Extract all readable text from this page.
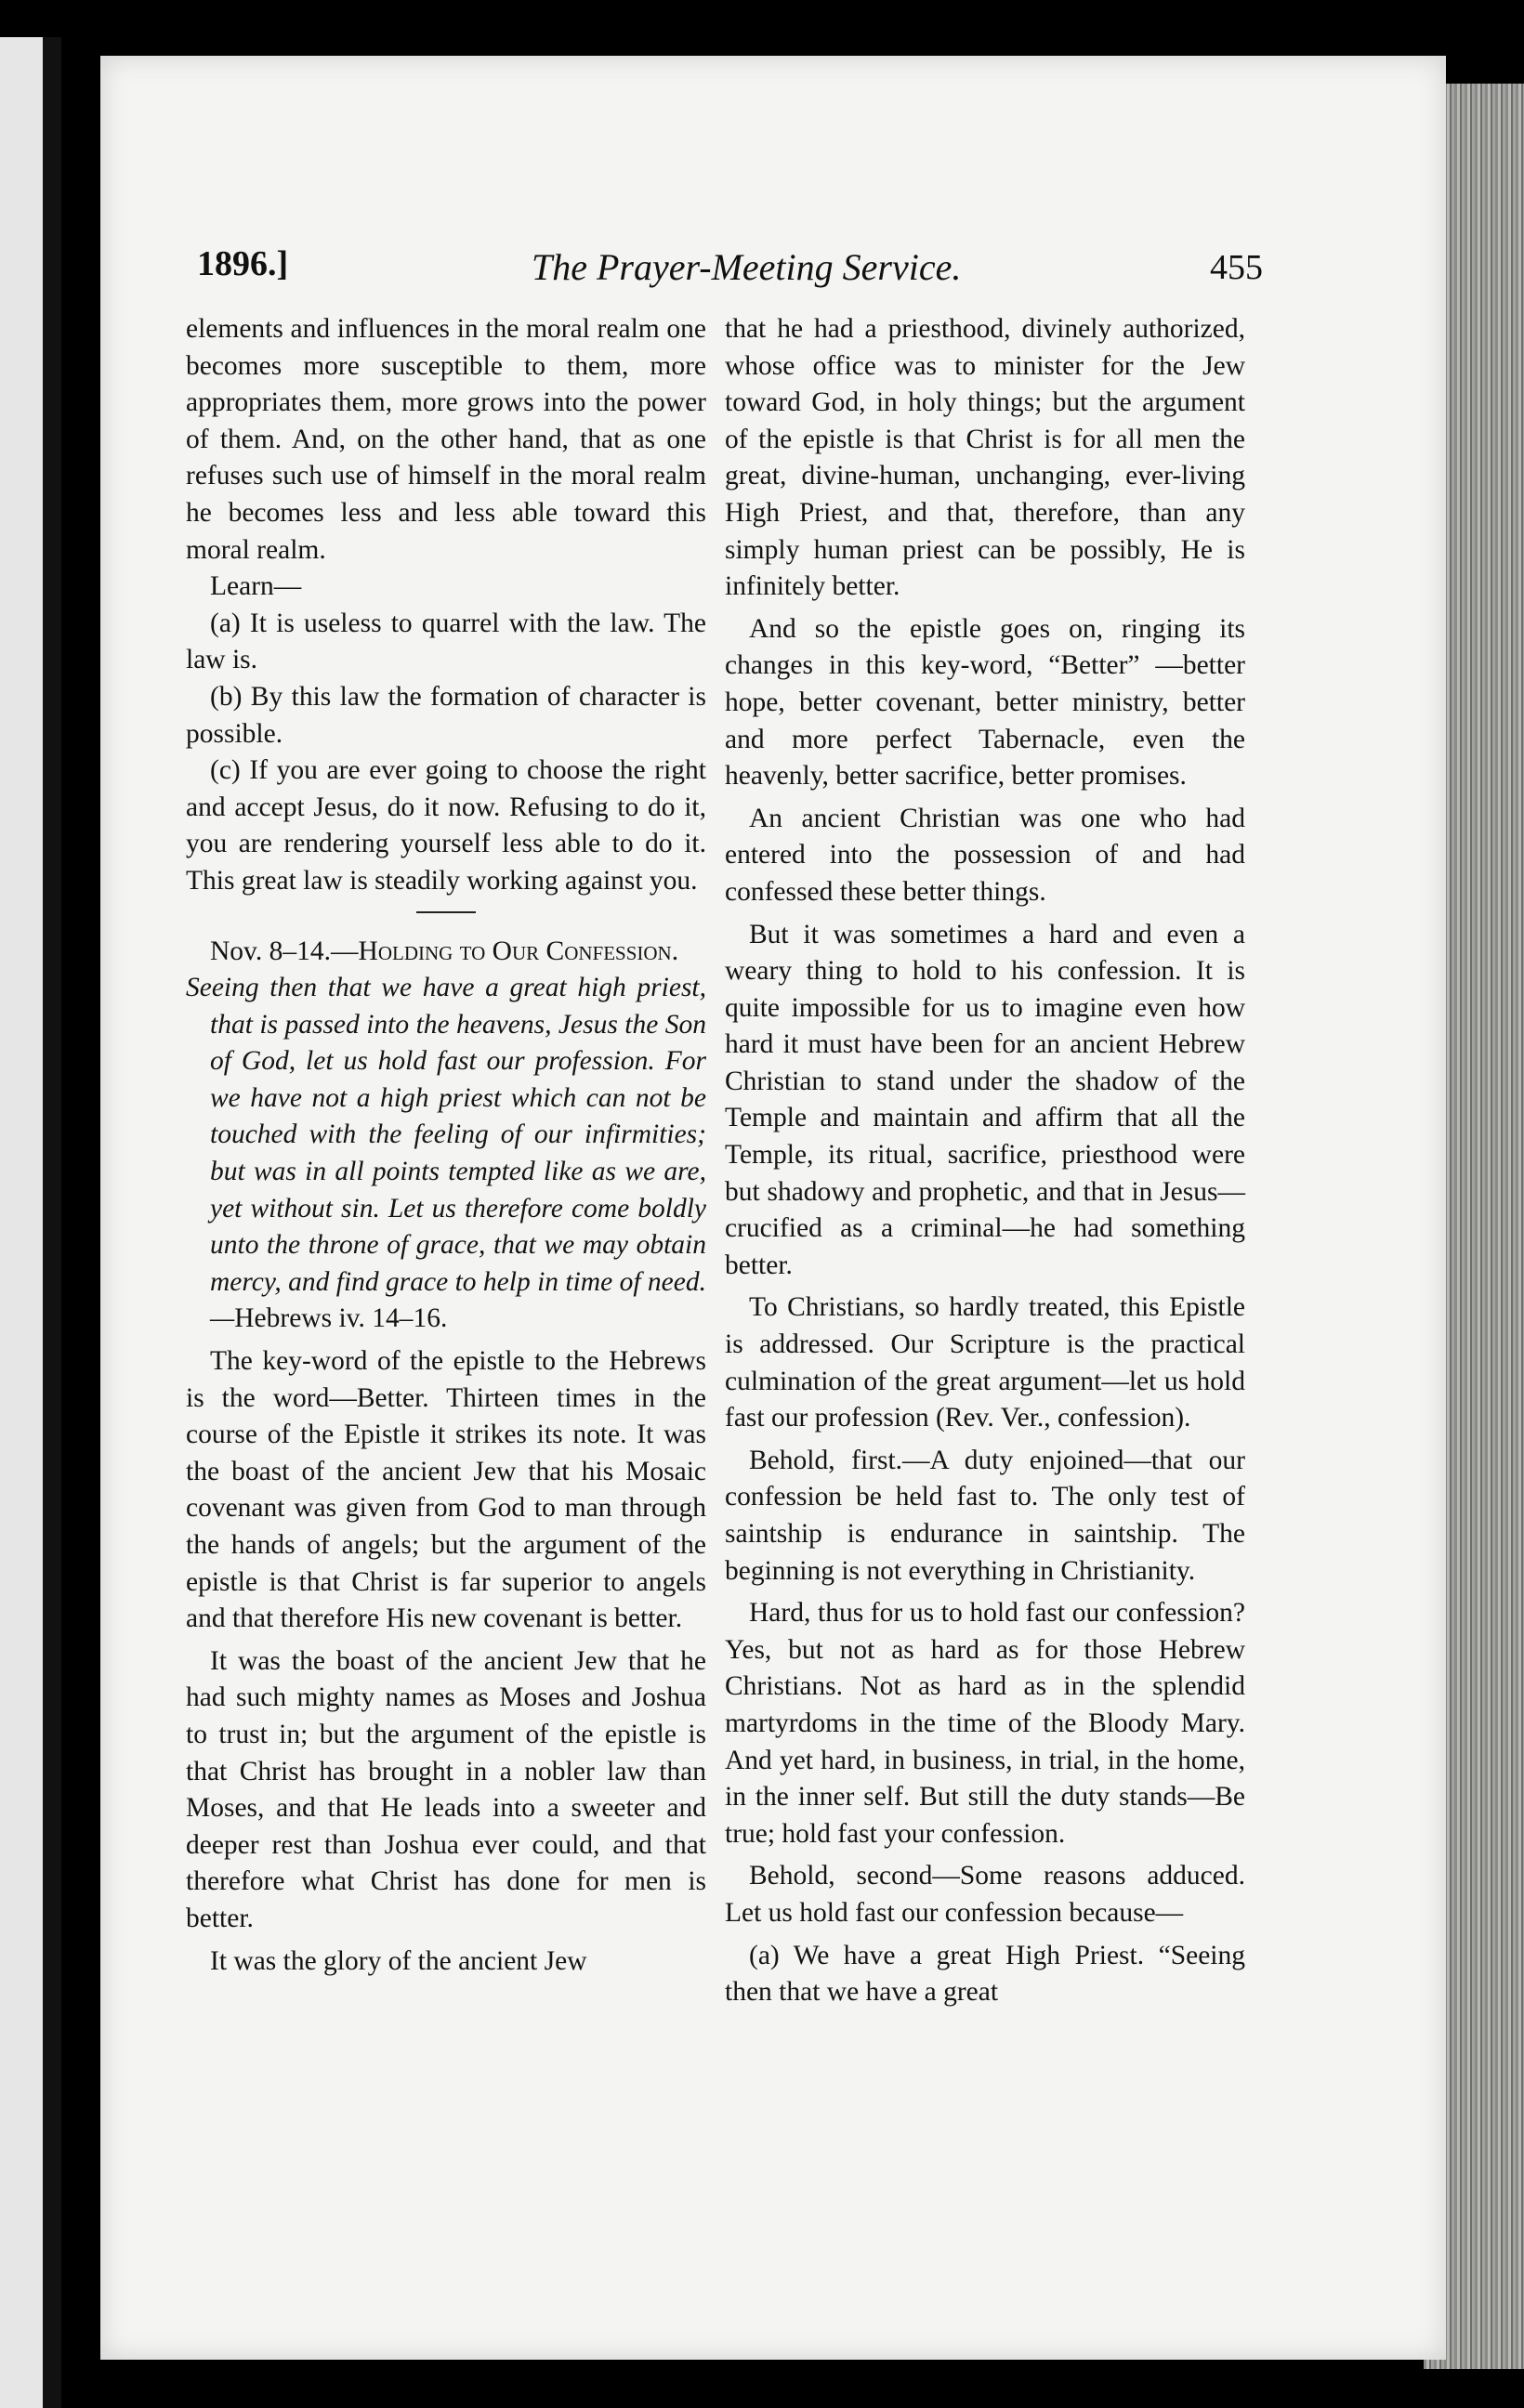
1896.]	The Prayer-Meeting Service.	455

elements and influences in the moral realm one becomes more susceptible to them, more appropriates them, more grows into the power of them. And, on the other hand, that as one refuses such use of himself in the moral realm he becomes less and less able toward this moral realm.

Learn—

(a) It is useless to quarrel with the law. The law is.

(b) By this law the formation of character is possible.

(c) If you are ever going to choose the right and accept Jesus, do it now. Refusing to do it, you are rendering yourself less able to do it. This great law is steadily working against you.

Nov. 8–14.—Holding to Our Confession.

Seeing then that we have a great high priest, that is passed into the heavens, Jesus the Son of God, let us hold fast our profession. For we have not a high priest which can not be touched with the feeling of our infirmities; but was in all points tempted like as we are, yet without sin. Let us therefore come boldly unto the throne of grace, that we may obtain mercy, and find grace to help in time of need.—Hebrews iv. 14–16.

The key-word of the epistle to the Hebrews is the word—Better. Thirteen times in the course of the Epistle it strikes its note. It was the boast of the ancient Jew that his Mosaic covenant was given from God to man through the hands of angels; but the argument of the epistle is that Christ is far superior to angels and that therefore His new covenant is better.

It was the boast of the ancient Jew that he had such mighty names as Moses and Joshua to trust in; but the argument of the epistle is that Christ has brought in a nobler law than Moses, and that He leads into a sweeter and deeper rest than Joshua ever could, and that therefore what Christ has done for men is better.

It was the glory of the ancient Jew

that he had a priesthood, divinely authorized, whose office was to minister for the Jew toward God, in holy things; but the argument of the epistle is that Christ is for all men the great, divine-human, unchanging, ever-living High Priest, and that, therefore, than any simply human priest can be possibly, He is infinitely better.

And so the epistle goes on, ringing its changes in this key-word, “Better” —better hope, better covenant, better ministry, better and more perfect Tabernacle, even the heavenly, better sacrifice, better promises.

An ancient Christian was one who had entered into the possession of and had confessed these better things.

But it was sometimes a hard and even a weary thing to hold to his confession. It is quite impossible for us to imagine even how hard it must have been for an ancient Hebrew Christian to stand under the shadow of the Temple and maintain and affirm that all the Temple, its ritual, sacrifice, priesthood were but shadowy and prophetic, and that in Jesus—crucified as a criminal—he had something better.

To Christians, so hardly treated, this Epistle is addressed. Our Scripture is the practical culmination of the great argument—let us hold fast our profession (Rev. Ver., confession).

Behold, first.—A duty enjoined—that our confession be held fast to. The only test of saintship is endurance in saintship. The beginning is not everything in Christianity.

Hard, thus for us to hold fast our confession? Yes, but not as hard as for those Hebrew Christians. Not as hard as in the splendid martyrdoms in the time of the Bloody Mary. And yet hard, in business, in trial, in the home, in the inner self. But still the duty stands—Be true; hold fast your confession.

Behold, second—Some reasons adduced. Let us hold fast our confession because—

(a) We have a great High Priest. “Seeing then that we have a great
